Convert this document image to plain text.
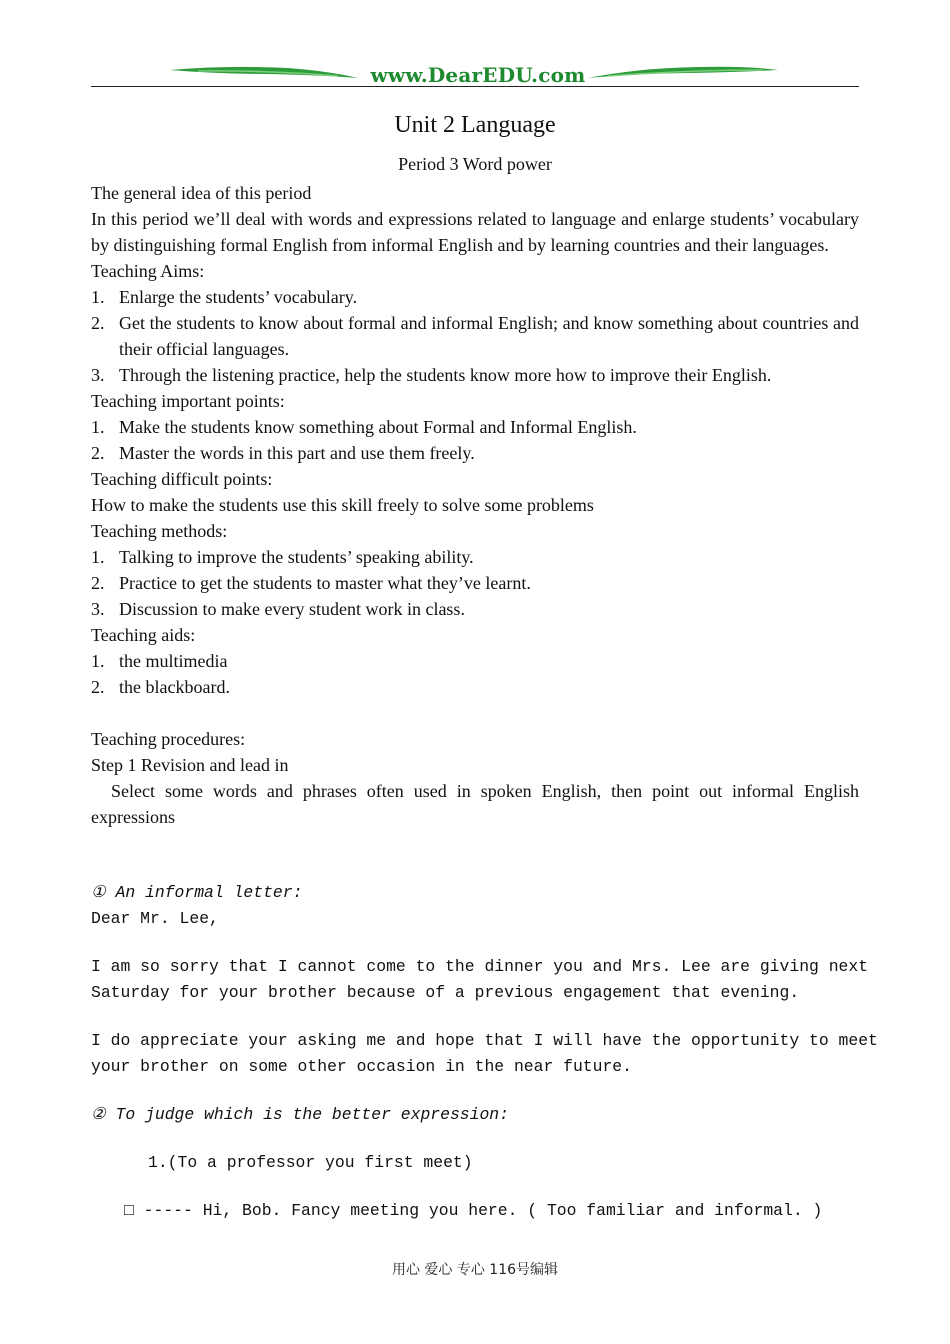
www.DearEDU.com
Unit 2 Language
Period 3 Word power
The general idea of this period
In this period we’ll deal with words and expressions related to language and enlarge students’ vocabulary by distinguishing formal English from informal English and by learning countries and their languages.
Teaching Aims:
1. Enlarge the students’ vocabulary.
2. Get the students to know about formal and informal English; and know something about countries and their official languages.
3. Through the listening practice, help the students know more how to improve their English.
Teaching important points:
1. Make the students know something about Formal and Informal English.
2. Master the words in this part and use them freely.
Teaching difficult points:
How to make the students use this skill freely to solve some problems
Teaching methods:
1. Talking to improve the students’ speaking ability.
2. Practice to get the students to master what they’ve learnt.
3. Discussion to make every student work in class.
Teaching aids:
1. the multimedia
2. the blackboard.
Teaching procedures:
Step 1 Revision and lead in
Select some words and phrases often used in spoken English, then point out informal English expressions
① An informal letter:
Dear Mr. Lee,
I am so sorry that I cannot come to the dinner you and Mrs. Lee are giving next
Saturday for your brother because of a previous engagement that evening.
I do appreciate your asking me and hope that I will have the opportunity to meet
your brother on some other occasion in the near future.
② To judge which is the better expression:
1.(To a professor you first meet)
□ ----- Hi, Bob. Fancy meeting you here. ( Too familiar and informal. )
用心 爱心 专心 116号编辑
